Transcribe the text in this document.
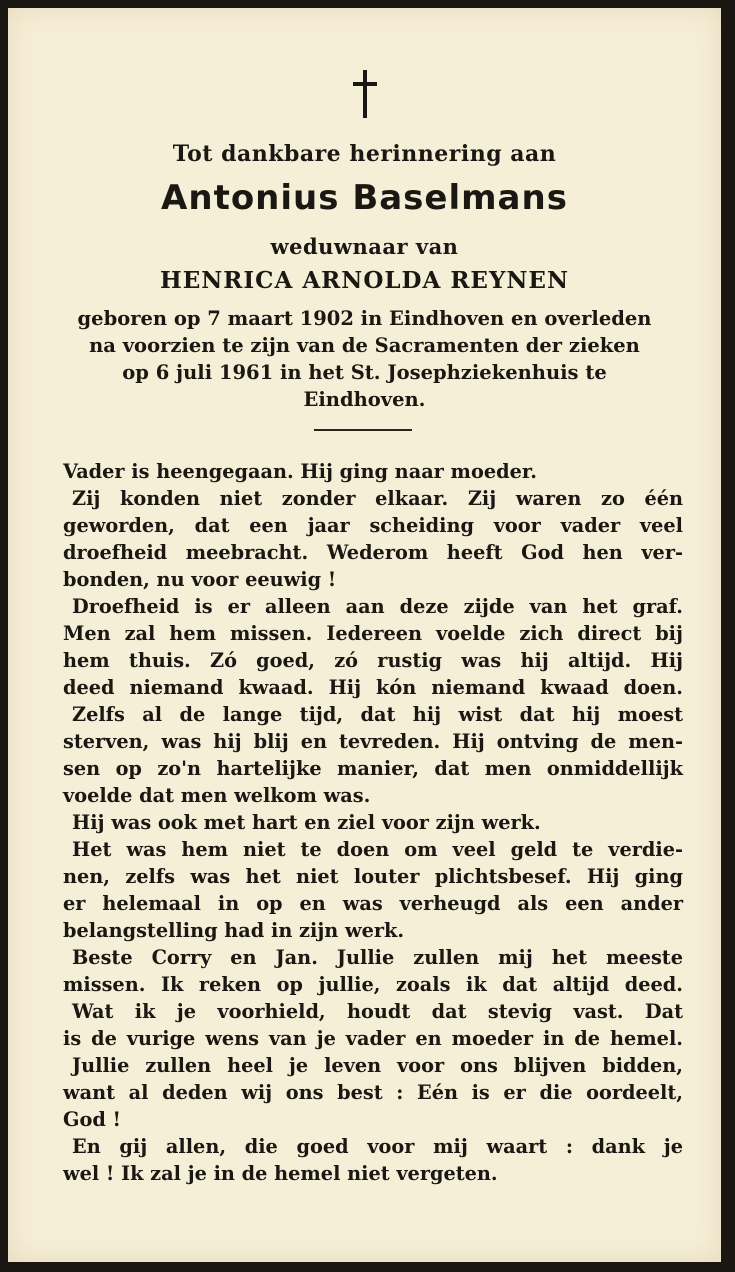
Tot dankbare herinnering aan
Antonius Baselmans
weduwnaar van
HENRICA ARNOLDA REYNEN
geboren op 7 maart 1902 in Eindhoven en overleden
na voorzien te zijn van de Sacramenten der zieken
op 6 juli 1961 in het St. Josephziekenhuis te
Eindhoven.
Vader is heengegaan. Hij ging naar moeder.
Zij konden niet zonder elkaar. Zij waren zo één
geworden, dat een jaar scheiding voor vader veel
droefheid meebracht. Wederom heeft God hen ver-
bonden, nu voor eeuwig !
Droefheid is er alleen aan deze zijde van het graf.
Men zal hem missen. Iedereen voelde zich direct bij
hem thuis. Zó goed, zó rustig was hij altijd. Hij
deed niemand kwaad. Hij kón niemand kwaad doen.
Zelfs al de lange tijd, dat hij wist dat hij moest
sterven, was hij blij en tevreden. Hij ontving de men-
sen op zo'n hartelijke manier, dat men onmiddellijk
voelde dat men welkom was.
Hij was ook met hart en ziel voor zijn werk.
Het was hem niet te doen om veel geld te verdie-
nen, zelfs was het niet louter plichtsbesef. Hij ging
er helemaal in op en was verheugd als een ander
belangstelling had in zijn werk.
Beste Corry en Jan. Jullie zullen mij het meeste
missen. Ik reken op jullie, zoals ik dat altijd deed.
Wat ik je voorhield, houdt dat stevig vast. Dat
is de vurige wens van je vader en moeder in de hemel.
Jullie zullen heel je leven voor ons blijven bidden,
want al deden wij ons best : Eén is er die oordeelt,
God !
En gij allen, die goed voor mij waart : dank je
wel ! Ik zal je in de hemel niet vergeten.
